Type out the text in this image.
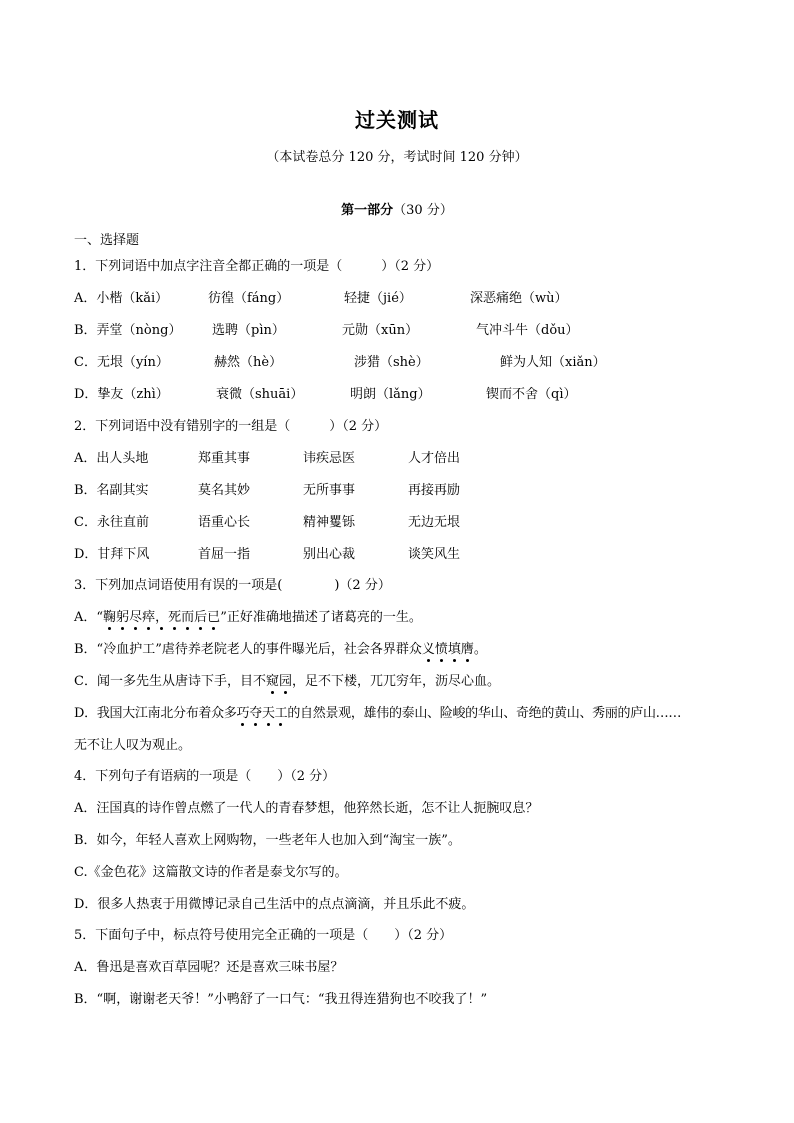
过关测试
（本试卷总分 120 分，考试时间 120 分钟）
第一部分（30 分）
一、选择题
1．下列词语中加点字注音全都正确的一项是（　　　）（2 分）
A．小楷（kǎi）	彷徨（fáng）	轻捷（jié）	深恶痛绝（wù）
B．弄堂（nòng） 选聘（pìn）	元勋（xūn）	气冲斗牛（dǒu）
C．无垠（yín）	赫然（hè）	涉猎（shè）	鲜为人知（xiǎn）
D．挚友（zhì）	衰微（shuāi）	明朗（lǎng）	锲而不舍（qì）
2．下列词语中没有错别字的一组是（　　　）（2 分）
A．出人头地	郑重其事	讳疾忌医	人才倍出
B．名副其实	莫名其妙	无所事事	再接再励
C．永往直前	语重心长	精神矍铄	无边无垠
D．甘拜下风	首屈一指	别出心裁	谈笑风生
3．下列加点词语使用有误的一项是(　　　　)（2 分）
A．“鞠躬尽瘁，死而后已”正好准确地描述了诸葛亮的一生。
B．“冷血护工”虐待养老院老人的事件曝光后，社会各界群众义愤填膺。
C．闻一多先生从唐诗下手，目不窥园，足不下楼，兀兀穷年，沥尽心血。
D．我国大江南北分布着众多巧夺天工的自然景观，雄伟的泰山、险峻的华山、奇绝的黄山、秀丽的庐山……
无不让人叹为观止。
4．下列句子有语病的一项是（　　）（2 分）
A．汪国真的诗作曾点燃了一代人的青春梦想，他猝然长逝，怎不让人扼腕叹息？
B．如今，年轻人喜欢上网购物，一些老年人也加入到“淘宝一族”。
C.《金色花》这篇散文诗的作者是泰戈尔写的。
D．很多人热衷于用微博记录自己生活中的点点滴滴，并且乐此不疲。
5．下面句子中，标点符号使用完全正确的一项是（　　）（2 分）
A．鲁迅是喜欢百草园呢？还是喜欢三味书屋？
B．“啊，谢谢老天爷！”小鸭舒了一口气：“我丑得连猎狗也不咬我了！”
